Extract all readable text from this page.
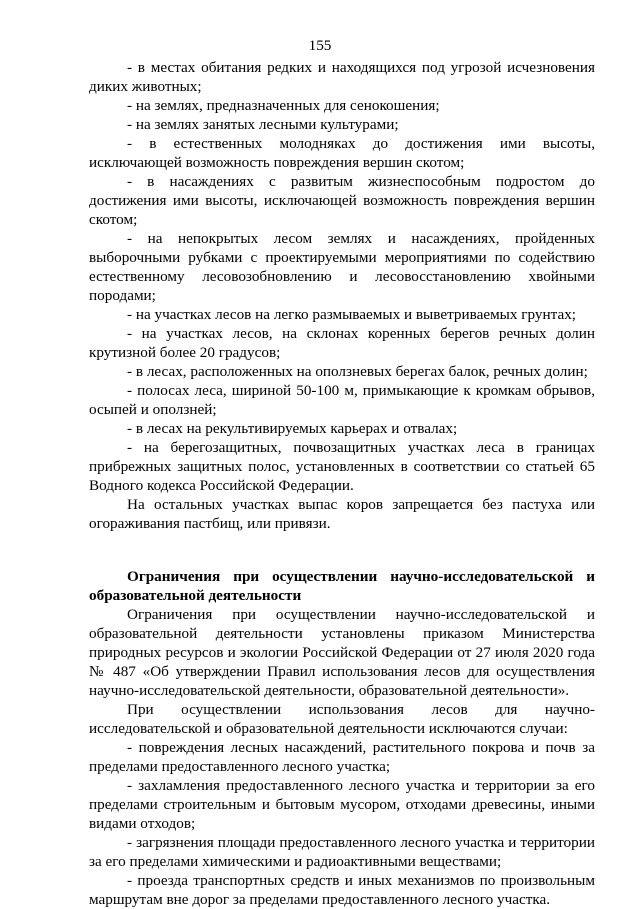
155

- в местах обитания редких и находящихся под угрозой исчезновения диких животных;

- на землях, предназначенных для сенокошения;

- на землях занятых лесными культурами;

- в естественных молодняках до достижения ими высоты, исключающей возможность повреждения вершин скотом;

- в насаждениях с развитым жизнеспособным подростом до достижения ими высоты, исключающей возможность повреждения вершин скотом;

- на непокрытых лесом землях и насаждениях, пройденных выборочными рубками с проектируемыми мероприятиями по содействию естественному лесовозобновлению и лесовосстановлению хвойными породами;

- на участках лесов на легко размываемых и выветриваемых грунтах;

- на участках лесов, на склонах коренных берегов речных долин крутизной более 20 градусов;

- в лесах, расположенных на оползневых берегах балок, речных долин;

- полосах леса, шириной 50-100 м, примыкающие к кромкам обрывов, осыпей и оползней;

- в лесах на рекультивируемых карьерах и отвалах;

- на берегозащитных, почвозащитных участках леса в границах прибрежных защитных полос, установленных в соответствии со статьей 65 Водного кодекса Российской Федерации.

На остальных участках выпас коров запрещается без пастуха или огораживания пастбищ, или привязи.

Ограничения при осуществлении научно-исследовательской и образовательной деятельности

Ограничения при осуществлении научно-исследовательской и образовательной деятельности установлены приказом Министерства природных ресурсов и экологии Российской Федерации от 27 июля 2020 года № 487 «Об утверждении Правил использования лесов для осуществления научно-исследовательской деятельности, образовательной деятельности».

При осуществлении использования лесов для научно-исследовательской и образовательной деятельности исключаются случаи:

- повреждения лесных насаждений, растительного покрова и почв за пределами предоставленного лесного участка;

- захламления предоставленного лесного участка и территории за его пределами строительным и бытовым мусором, отходами древесины, иными видами отходов;

- загрязнения площади предоставленного лесного участка и территории за его пределами химическими и радиоактивными веществами;

- проезда транспортных средств и иных механизмов по произвольным маршрутам вне дорог за пределами предоставленного лесного участка.
